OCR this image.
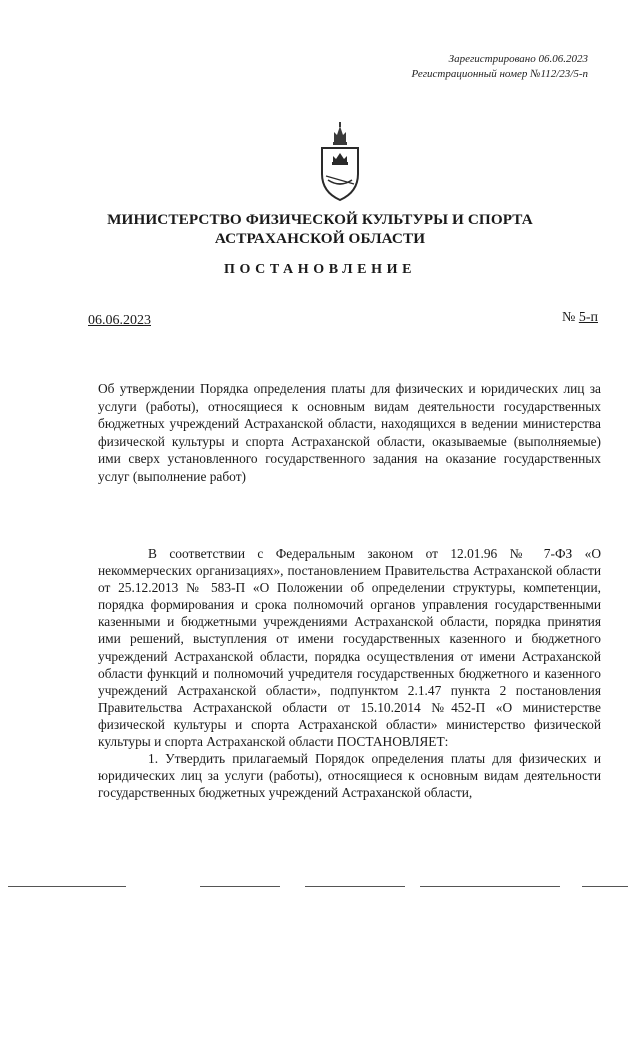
Зарегистрировано 06.06.2023
Регистрационный номер №112/23/5-п
МИНИСТЕРСТВО ФИЗИЧЕСКОЙ КУЛЬТУРЫ И СПОРТА
АСТРАХАНСКОЙ ОБЛАСТИ
ПОСТАНОВЛЕНИЕ
06.06.2023	№ 5-п
Об утверждении Порядка определения платы для физических и юридических лиц за услуги (работы), относящиеся к основным видам деятельности государственных бюджетных учреждений Астраханской области, находящихся в ведении министерства физической культуры и спорта Астраханской области, оказываемые (выполняемые) ими сверх установленного государственного задания на оказание государственных услуг (выполнение работ)

В соответствии с Федеральным законом от 12.01.96 № 7-ФЗ «О некоммерческих организациях», постановлением Правительства Астраханской области от 25.12.2013 № 583-П «О Положении об определении структуры, компетенции, порядка формирования и срока полномочий органов управления государственными казенными и бюджетными учреждениями Астраханской области, порядка принятия ими решений, выступления от имени государственных казенного и бюджетного учреждений Астраханской области, порядка осуществления от имени Астраханской области функций и полномочий учредителя государственных бюджетного и казенного учреждений Астраханской области», подпунктом 2.1.47 пункта 2 постановления Правительства Астраханской области от 15.10.2014 №452-П «О министерстве физической культуры и спорта Астраханской области» министерство физической культуры и спорта Астраханской области ПОСТАНОВЛЯЕТ:

1. Утвердить прилагаемый Порядок определения платы для физических и юридических лиц за услуги (работы), относящиеся к основным видам деятельности государственных бюджетных учреждений Астраханской области,
